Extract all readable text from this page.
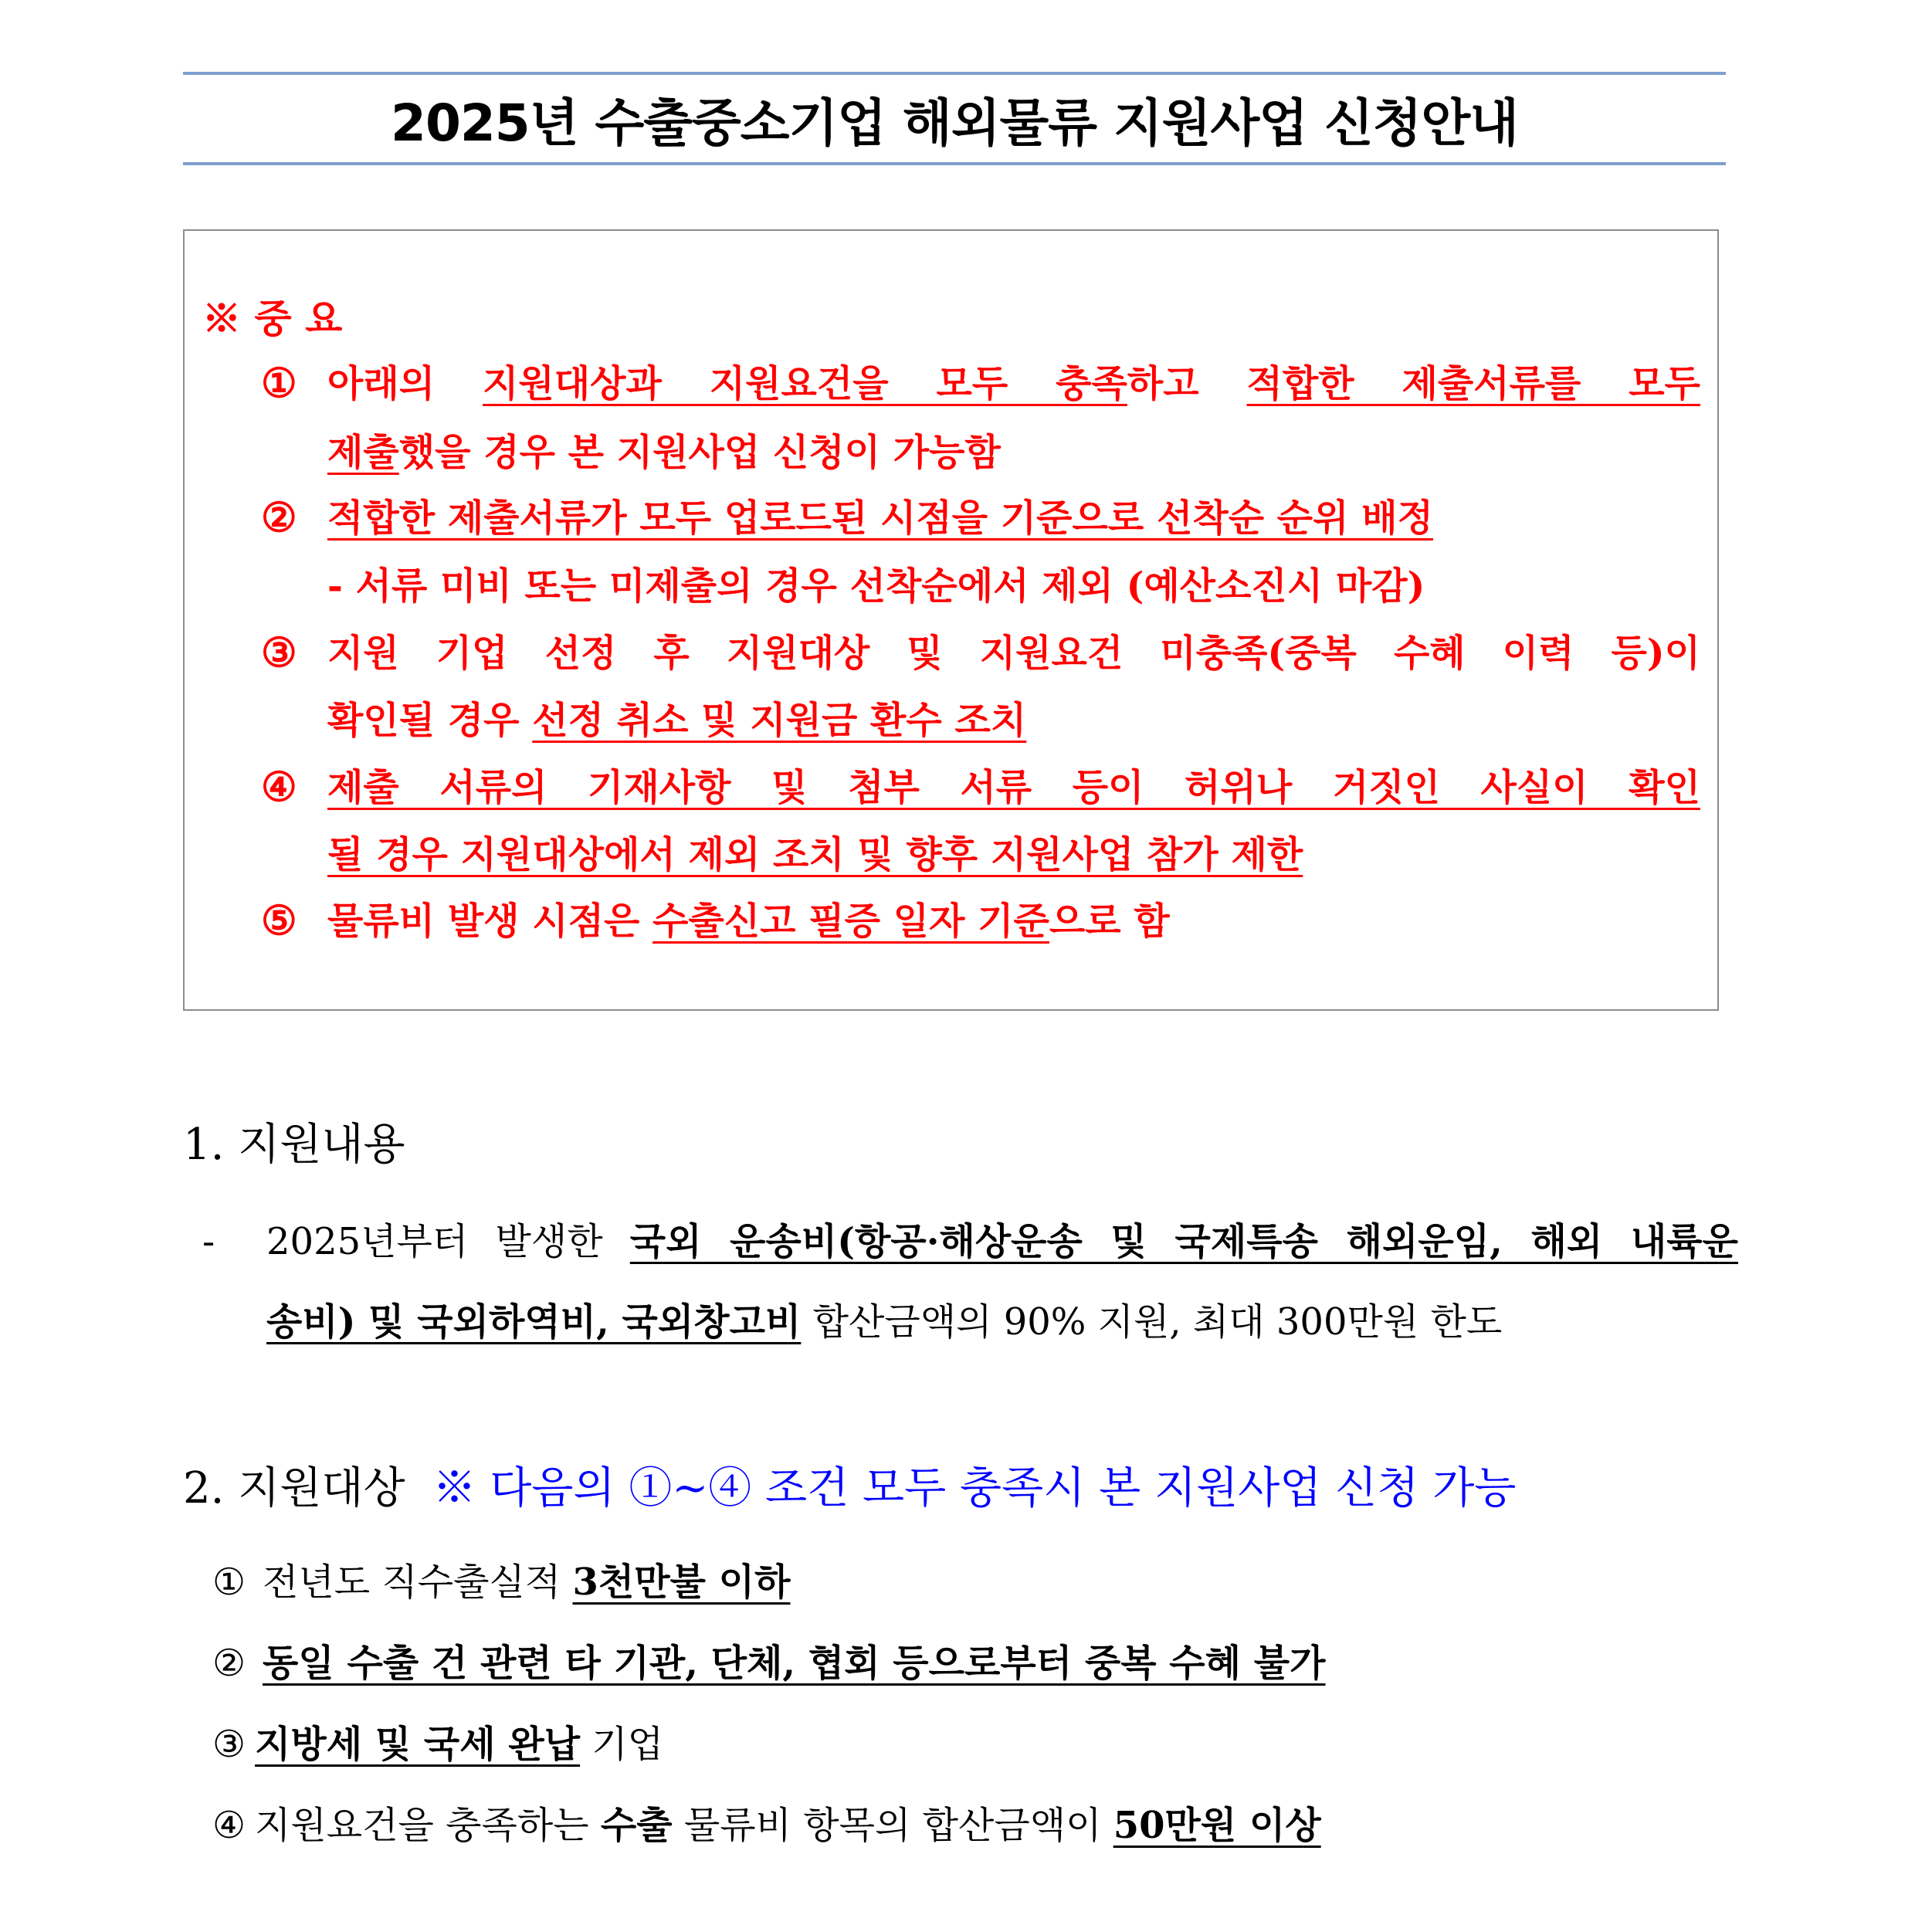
2025년 수출중소기업 해외물류 지원사업 신청안내
※ 중 요
① 아래의 지원대상과 지원요건을 모두 충족하고 적합한 제출서류를 모두
제출했을 경우 본 지원사업 신청이 가능함
② 적합한 제출서류가 모두 업로드된 시점을 기준으로 선착순 순위 배정
- 서류 미비 또는 미제출의 경우 선착순에서 제외 (예산소진시 마감)
③ 지원 기업 선정 후 지원대상 및 지원요건 미충족(중복 수혜 이력 등)이
확인될 경우 선정 취소 및 지원금 환수 조치
④ 제출 서류의 기재사항 및 첨부 서류 등이 허위나 거짓인 사실이 확인
될 경우 지원대상에서 제외 조치 및 향후 지원사업 참가 제한
⑤ 물류비 발생 시점은 수출신고 필증 일자 기준으로 함
1. 지원내용
- 2025년부터 발생한 국외 운송비(항공·해상운송 및 국제특송 해외운임, 해외 내륙운
송비) 및 국외하역비, 국외창고비 합산금액의 90% 지원, 최대 300만원 한도
2. 지원대상 ※ 다음의 ①~④ 조건 모두 충족시 본 지원사업 신청 가능
① 전년도 직수출실적 3천만불 이하
② 동일 수출 건 관련 타 기관, 단체, 협회 등으로부터 중복 수혜 불가
③ 지방세 및 국세 완납 기업
④ 지원요건을 충족하는 수출 물류비 항목의 합산금액이 50만원 이상
